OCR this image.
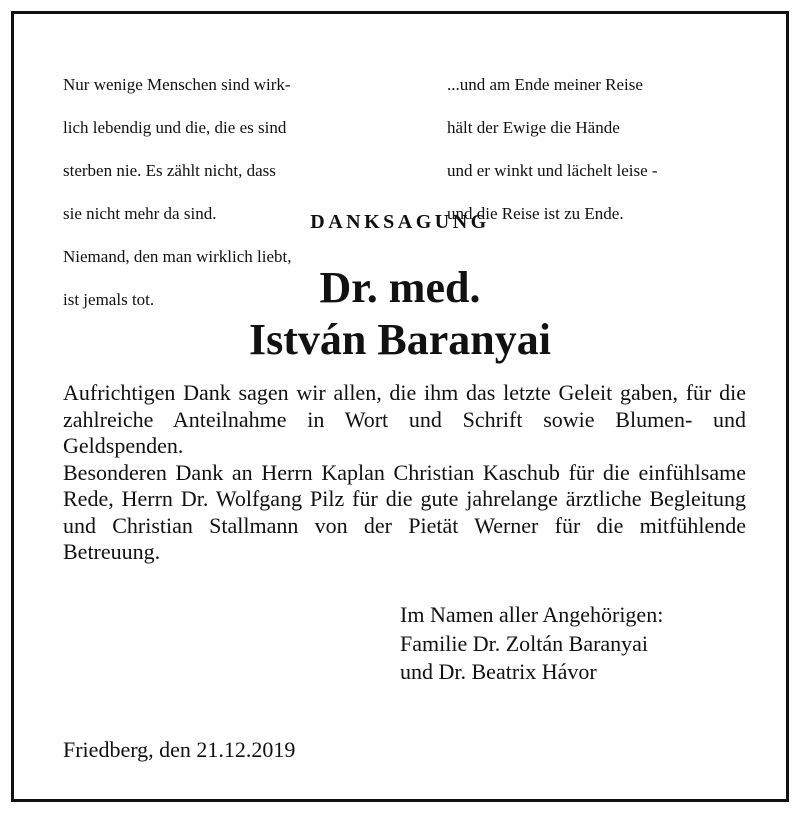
Nur wenige Menschen sind wirk-

lich lebendig und die, die es sind

sterben nie. Es zählt nicht, dass

sie nicht mehr da sind.

Niemand, den man wirklich liebt,

ist jemals tot.

...und am Ende meiner Reise

hält der Ewige die Hände

und er winkt und lächelt leise -

und die Reise ist zu Ende.

DANKSAGUNG
Dr. med.
István Baranyai

Aufrichtigen Dank sagen wir allen, die ihm das letzte Geleit gaben, für die zahlreiche Anteilnahme in Wort und Schrift sowie Blumen- und Geldspenden.

Besonderen Dank an Herrn Kaplan Christian Kaschub für die einfühlsame Rede, Herrn Dr. Wolfgang Pilz für die gute jahrelange ärztliche Begleitung und Christian Stallmann von der Pietät Werner für die mitfühlende Betreuung.

Im Namen aller Angehörigen:
Familie Dr. Zoltán Baranyai
und Dr. Beatrix Hávor
Friedberg, den 21.12.2019
